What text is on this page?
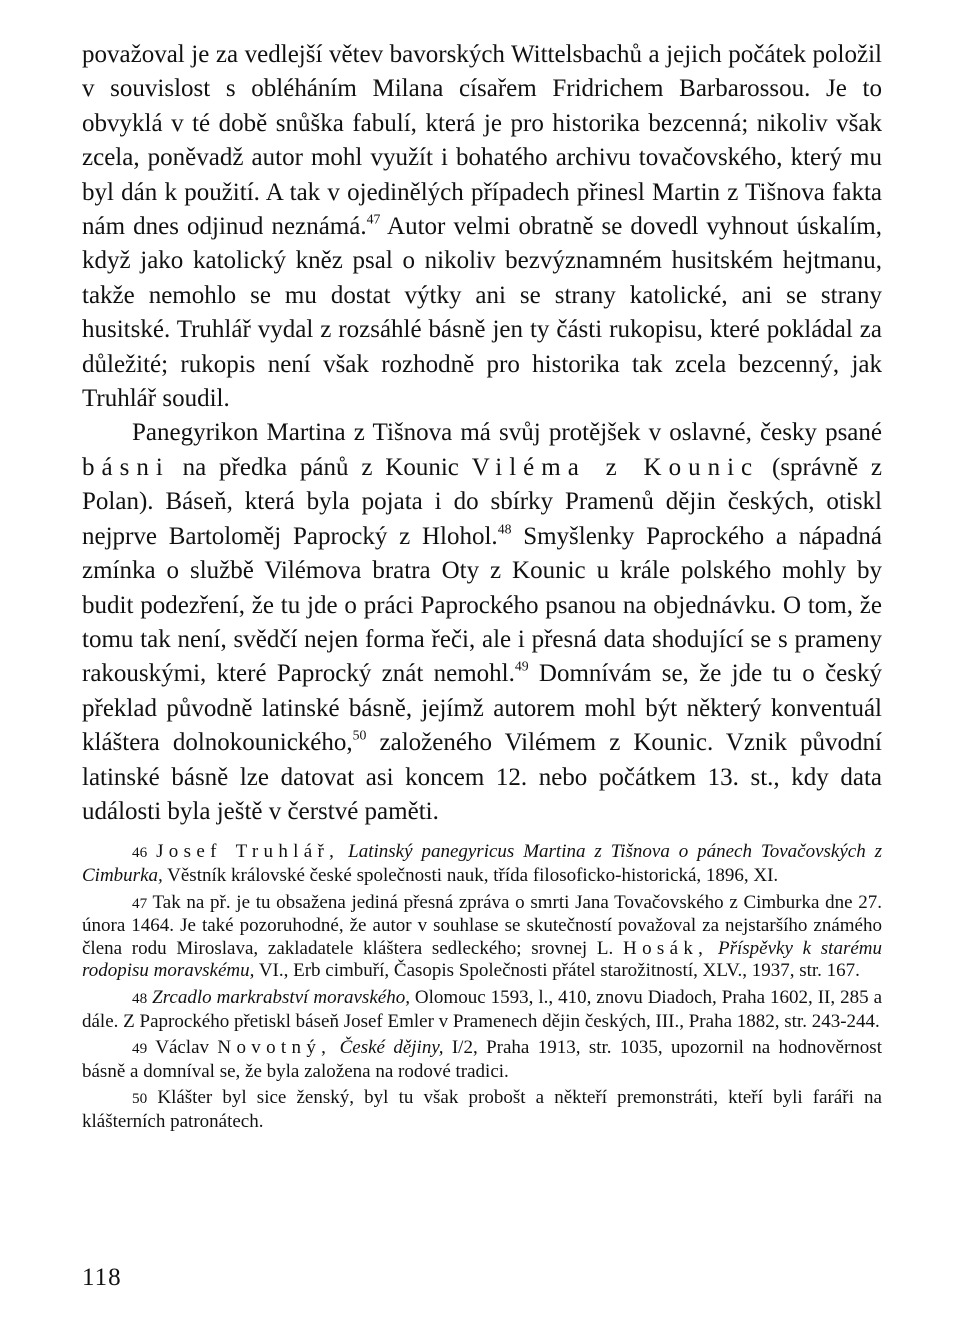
považoval je za vedlejší větev bavorských Wittelsbachů a jejich počátek položil v souvislost s obléháním Milana císařem Fridrichem Barbarossou. Je to obvyklá v té době snůška fabulí, která je pro historika bezcenná; nikoliv však zcela, poněvadž autor mohl využít i bohatého archivu tovačovského, který mu byl dán k použití. A tak v ojedinělých případech přinesl Martin z Tišnova fakta nám dnes odjinud neznámá.$^{47}$ Autor velmi obratně se dovedl vyhnout úskalím, když jako katolický kněz psal o nikoliv bezvýznamném husitském hejtmanu, takže nemohlo se mu dostat výtky ani se strany katolické, ani se strany husitské. Truhlář vydal z rozsáhlé básně jen ty části rukopisu, které pokládal za důležité; rukopis není však rozhodně pro historika tak zcela bezcenný, jak Truhlář soudil.

Panegyrikon Martina z Tišnova má svůj protějšek v oslavné, česky psané básni na předka pánů z Kounic Viléma z Kounic (správně z Polan). Báseň, která byla pojata i do sbírky Pramenů dějin českých, otiskl nejprve Bartoloměj Paprocký z Hlohol.$^{48}$ Smyšlenky Paprockého a nápadná zmínka o službě Vilémova bratra Oty z Kounic u krále polského mohly by budit podezření, že tu jde o práci Paprockého psanou na objednávku. O tom, že tomu tak není, svědčí nejen forma řeči, ale i přesná data shodující se s prameny rakouskými, které Paprocký znát nemohl.$^{49}$ Domnívám se, že jde tu o český překlad původně latinské básně, jejímž autorem mohl být některý konventuál kláštera dolnokounického,$^{50}$ založeného Vilémem z Kounic. Vznik původní latinské básně lze datovat asi koncem 12. nebo počátkem 13. st., kdy data události byla ještě v čerstvé paměti.

46 Josef Truhlář, Latinský panegyricus Martina z Tišnova o pánech Tovačovských z Cimburka, Věstník královské české společnosti nauk, třída filosoficko-historická, 1896, XI.

47 Tak na př. je tu obsažena jediná přesná zpráva o smrti Jana Tovačovského z Cimburka dne 27. února 1464. Je také pozoruhodné, že autor v souhlase se skutečností považoval za nejstaršího známého člena rodu Miroslava, zakladatele kláštera sedleckého; srovnej L. Hosák, Příspěvky k starému rodopisu moravskému, VI., Erb cimbuří, Časopis Společnosti přátel starožitností, XLV., 1937, str. 167.

48 Zrcadlo markrabství moravského, Olomouc 1593, l., 410, znovu Diadoch, Praha 1602, II, 285 a dále. Z Paprockého přetiskl báseň Josef Emler v Pramenech dějin českých, III., Praha 1882, str. 243-244.

49 Václav Novotný, České dějiny, I/2, Praha 1913, str. 1035, upozornil na hodnověrnost básně a domníval se, že byla založena na rodové tradici.

50 Klášter byl sice ženský, byl tu však probošt a někteří premonstráti, kteří byli faráři na klášterních patronátech.

118
